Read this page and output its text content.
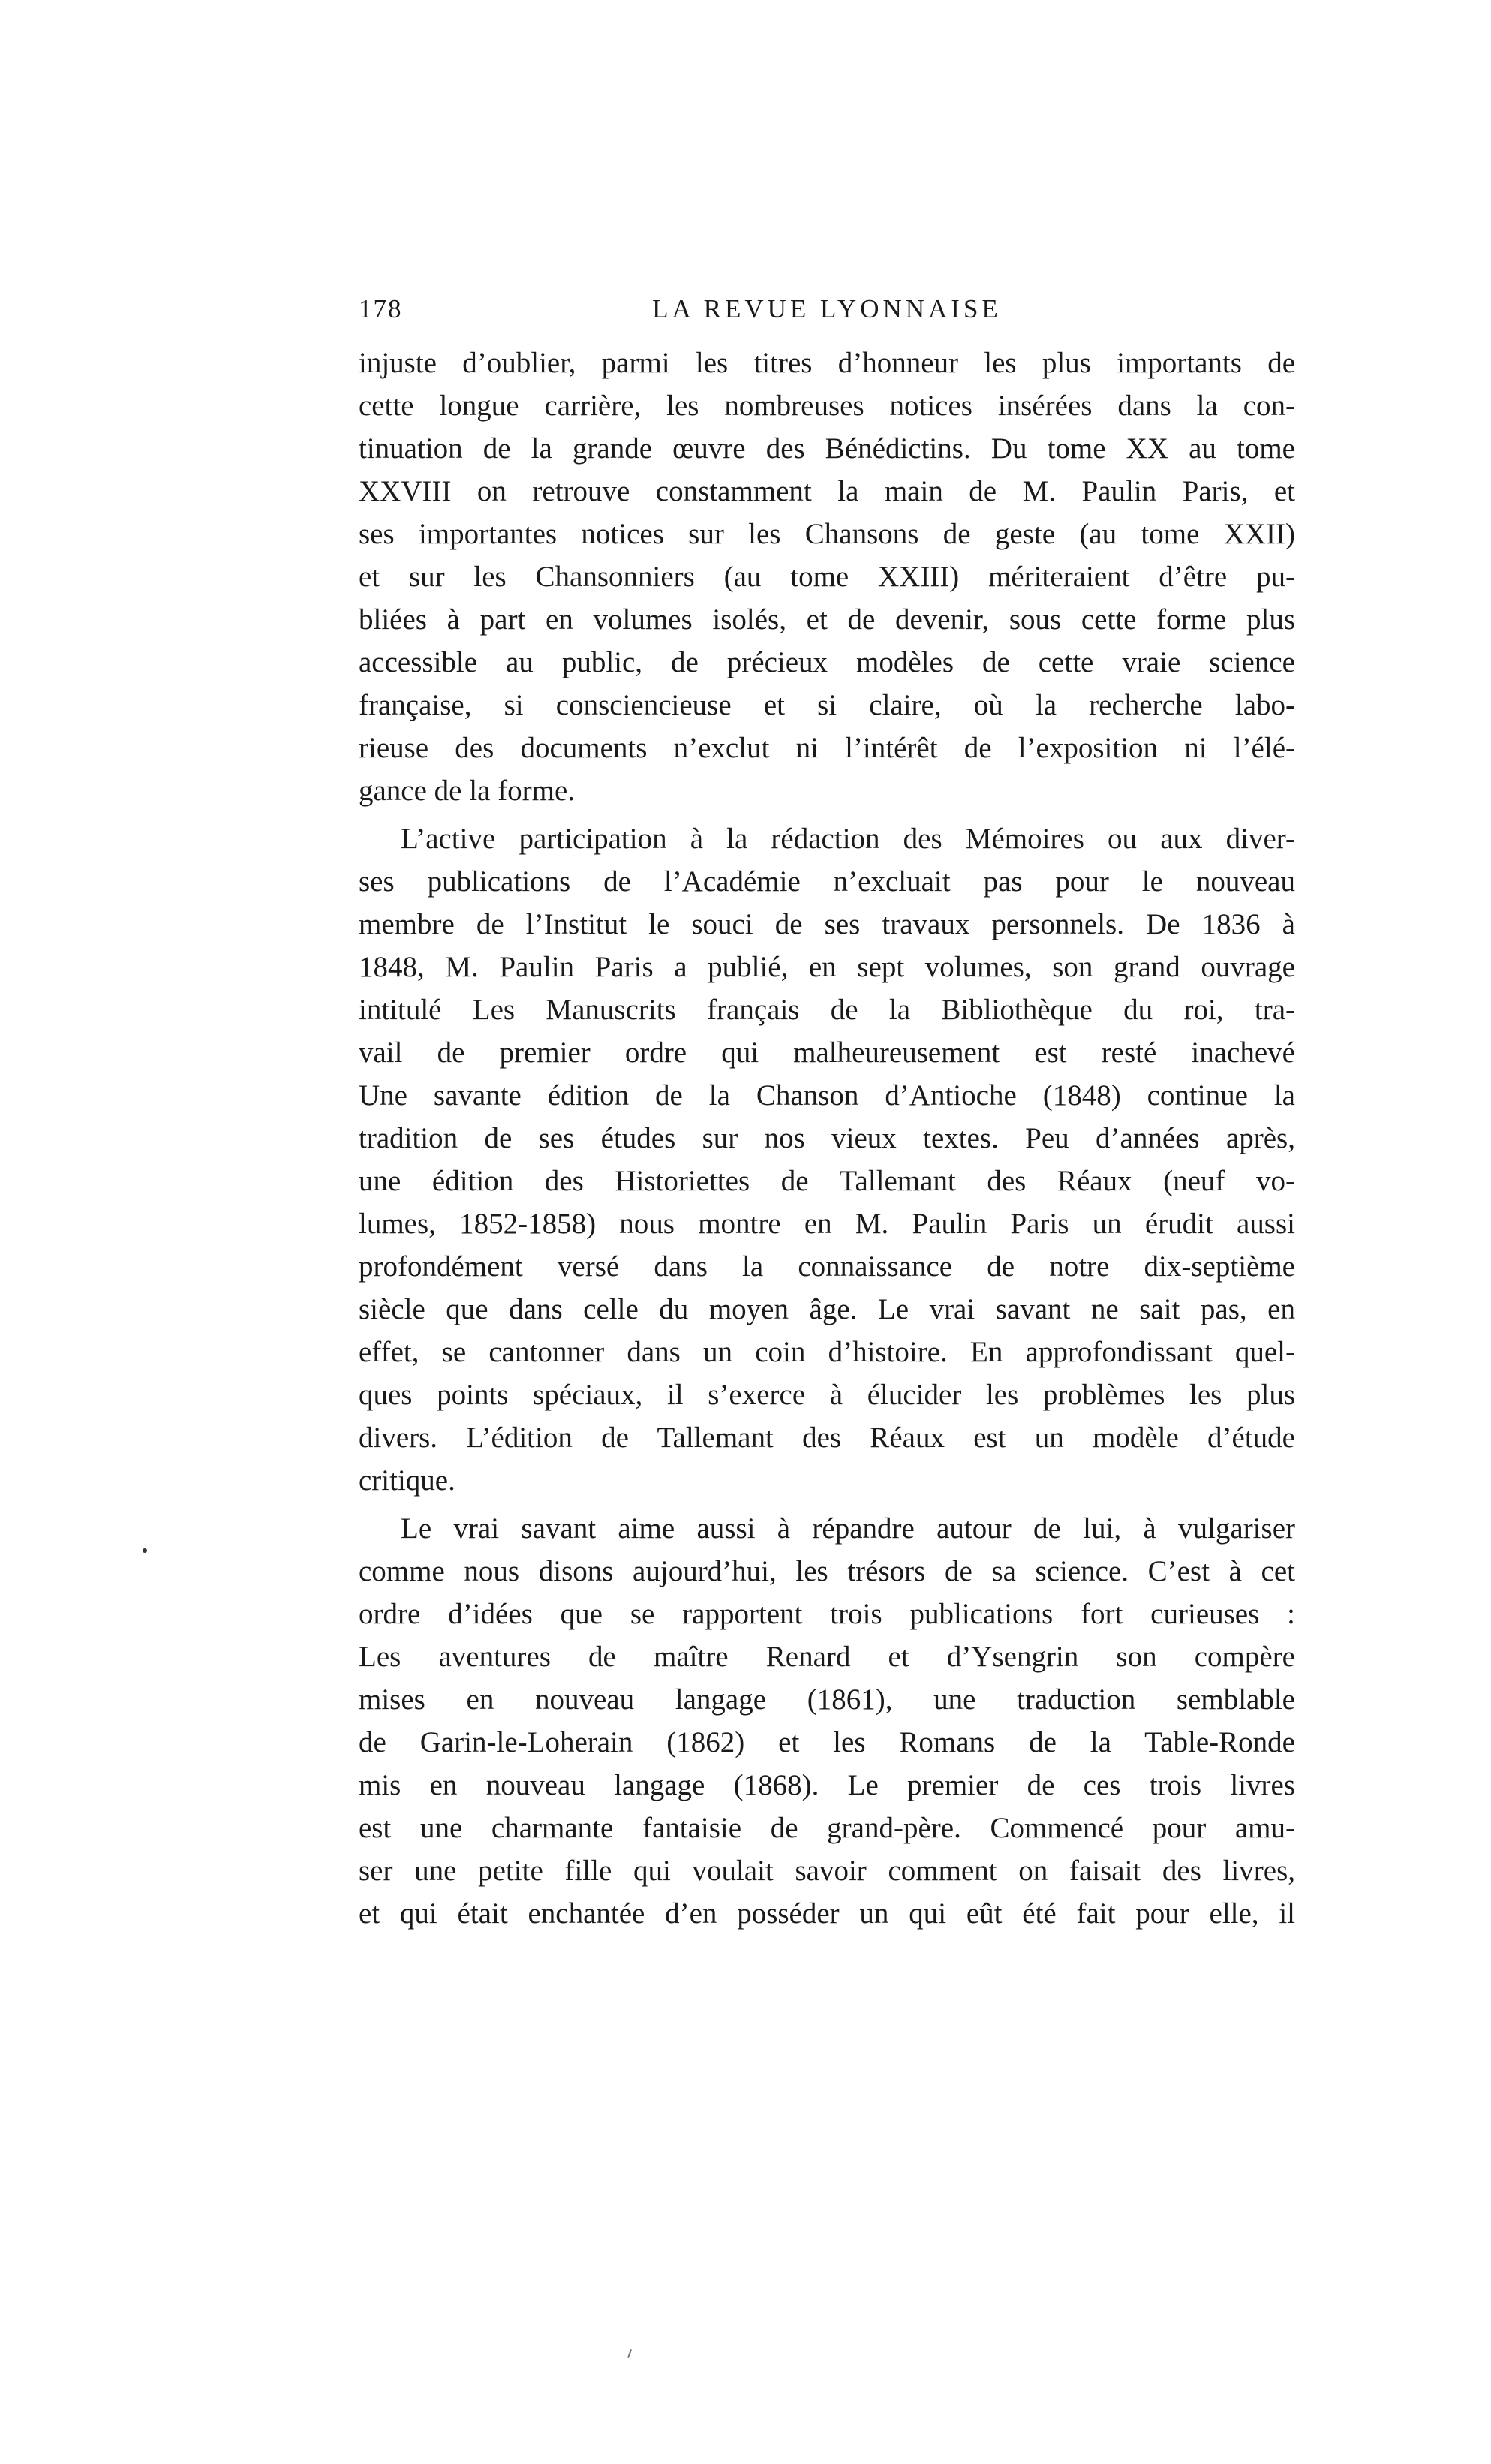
178	LA REVUE LYONNAISE
injuste d’oublier, parmi les titres d’honneur les plus importants de
cette longue carrière, les nombreuses notices insérées dans la con-
tinuation de la grande œuvre des Bénédictins. Du tome XX au tome
XXVIII on retrouve constamment la main de M. Paulin Paris, et
ses importantes notices sur les Chansons de geste (au tome XXII)
et sur les Chansonniers (au tome XXIII) mériteraient d’être pu-
bliées à part en volumes isolés, et de devenir, sous cette forme plus
accessible au public, de précieux modèles de cette vraie science
française, si consciencieuse et si claire, où la recherche labo-
rieuse des documents n’exclut ni l’intérêt de l’exposition ni l’élé-
gance de la forme.
L’active participation à la rédaction des Mémoires ou aux diver-
ses publications de l’Académie n’excluait pas pour le nouveau
membre de l’Institut le souci de ses travaux personnels. De 1836 à
1848, M. Paulin Paris a publié, en sept volumes, son grand ouvrage
intitulé Les Manuscrits français de la Bibliothèque du roi, tra-
vail de premier ordre qui malheureusement est resté inachevé
Une savante édition de la Chanson d’Antioche (1848) continue la
tradition de ses études sur nos vieux textes. Peu d’années après,
une édition des Historiettes de Tallemant des Réaux (neuf vo-
lumes, 1852-1858) nous montre en M. Paulin Paris un érudit aussi
profondément versé dans la connaissance de notre dix-septième
siècle que dans celle du moyen âge. Le vrai savant ne sait pas, en
effet, se cantonner dans un coin d’histoire. En approfondissant quel-
ques points spéciaux, il s’exerce à élucider les problèmes les plus
divers. L’édition de Tallemant des Réaux est un modèle d’étude
critique.
Le vrai savant aime aussi à répandre autour de lui, à vulgariser
comme nous disons aujourd’hui, les trésors de sa science. C’est à cet
ordre d’idées que se rapportent trois publications fort curieuses :
Les aventures de maître Renard et d’Ysengrin son compère
mises en nouveau langage (1861), une traduction semblable
de Garin-le-Loherain (1862) et les Romans de la Table-Ronde
mis en nouveau langage (1868). Le premier de ces trois livres
est une charmante fantaisie de grand-père. Commencé pour amu-
ser une petite fille qui voulait savoir comment on faisait des livres,
et qui était enchantée d’en posséder un qui eût été fait pour elle, il
